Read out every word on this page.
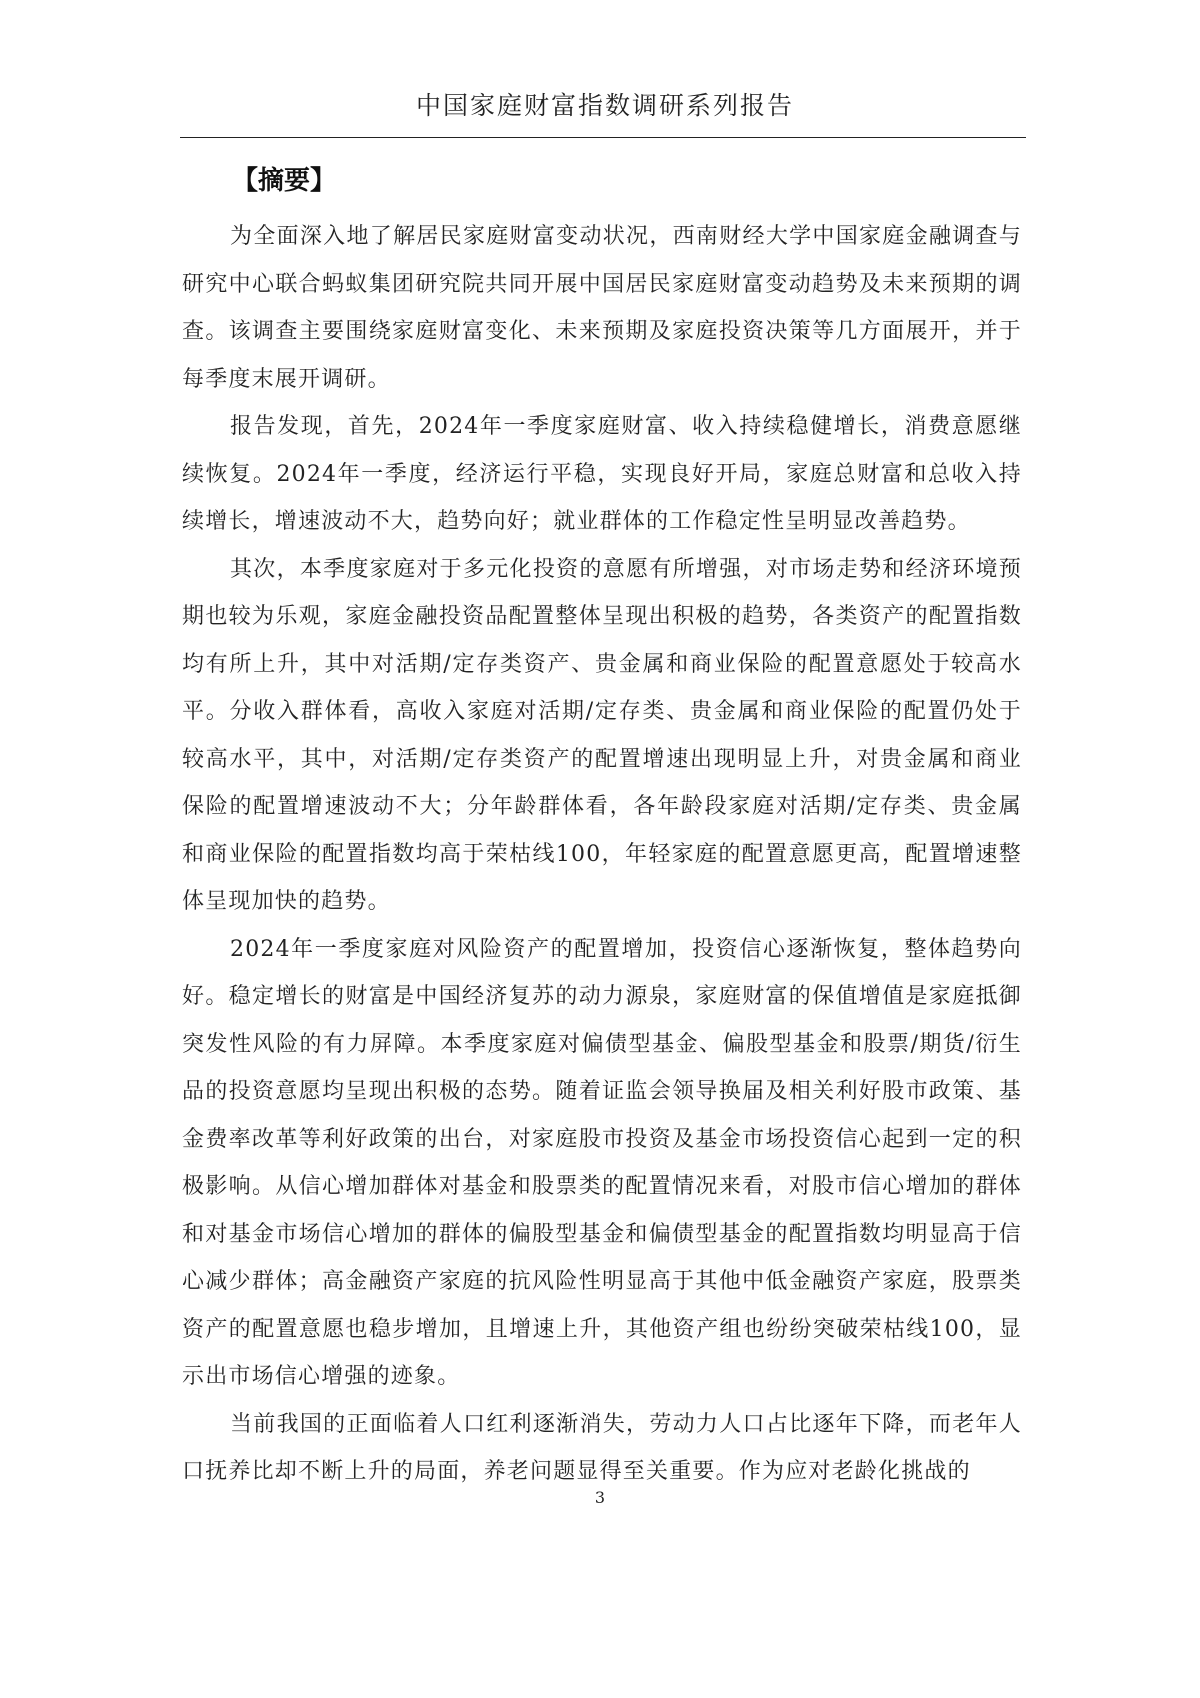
中国家庭财富指数调研系列报告
【摘要】

为全面深入地了解居民家庭财富变动状况，西南财经大学中国家庭金融调查与研究中心联合蚂蚁集团研究院共同开展中国居民家庭财富变动趋势及未来预期的调查。该调查主要围绕家庭财富变化、未来预期及家庭投资决策等几方面展开，并于每季度末展开调研。

报告发现，首先，2024年一季度家庭财富、收入持续稳健增长，消费意愿继续恢复。2024年一季度，经济运行平稳，实现良好开局，家庭总财富和总收入持续增长，增速波动不大，趋势向好；就业群体的工作稳定性呈明显改善趋势。

其次，本季度家庭对于多元化投资的意愿有所增强，对市场走势和经济环境预期也较为乐观，家庭金融投资品配置整体呈现出积极的趋势，各类资产的配置指数均有所上升，其中对活期/定存类资产、贵金属和商业保险的配置意愿处于较高水平。分收入群体看，高收入家庭对活期/定存类、贵金属和商业保险的配置仍处于较高水平，其中，对活期/定存类资产的配置增速出现明显上升，对贵金属和商业保险的配置增速波动不大；分年龄群体看，各年龄段家庭对活期/定存类、贵金属和商业保险的配置指数均高于荣枯线100，年轻家庭的配置意愿更高，配置增速整体呈现加快的趋势。

2024年一季度家庭对风险资产的配置增加，投资信心逐渐恢复，整体趋势向好。稳定增长的财富是中国经济复苏的动力源泉，家庭财富的保值增值是家庭抵御突发性风险的有力屏障。本季度家庭对偏债型基金、偏股型基金和股票/期货/衍生品的投资意愿均呈现出积极的态势。随着证监会领导换届及相关利好股市政策、基金费率改革等利好政策的出台，对家庭股市投资及基金市场投资信心起到一定的积极影响。从信心增加群体对基金和股票类的配置情况来看，对股市信心增加的群体和对基金市场信心增加的群体的偏股型基金和偏债型基金的配置指数均明显高于信心减少群体；高金融资产家庭的抗风险性明显高于其他中低金融资产家庭，股票类资产的配置意愿也稳步增加，且增速上升，其他资产组也纷纷突破荣枯线100，显示出市场信心增强的迹象。

当前我国的正面临着人口红利逐渐消失，劳动力人口占比逐年下降，而老年人口抚养比却不断上升的局面，养老问题显得至关重要。作为应对老龄化挑战的

3
